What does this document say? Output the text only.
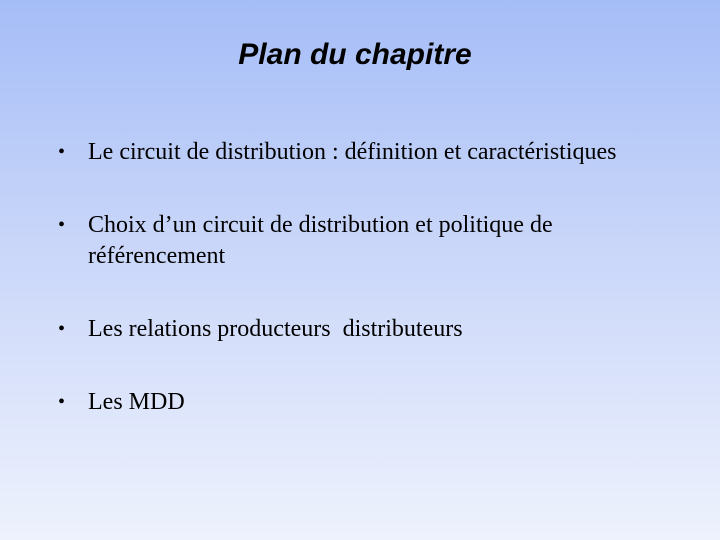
Plan du chapitre
• Le circuit de distribution : définition et caractéristiques
• Choix d’un circuit de distribution et politique de référencement
• Les relations producteurs  distributeurs
• Les MDD
